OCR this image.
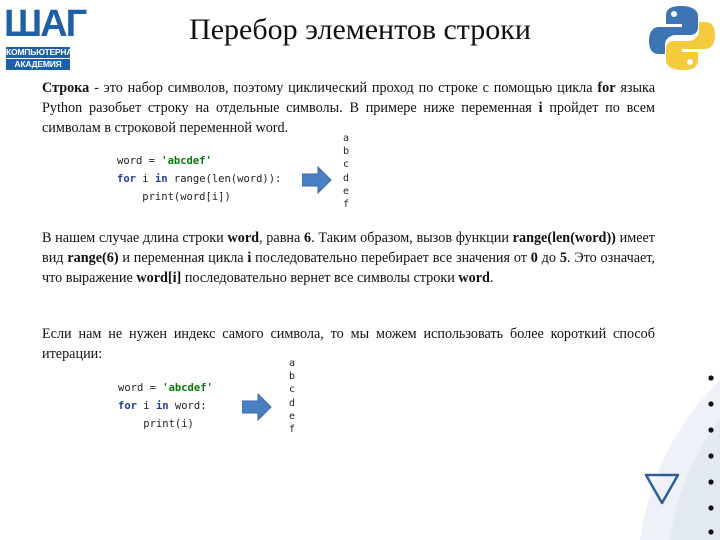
ШАГ
КОМПЬЮТЕРНАЯ
АКАДЕМИЯ
Перебор элементов строки

Строка - это набор символов, поэтому циклический проход по строке с помощью цикла for языка Python разобьет строку на отдельные символы. В примере ниже переменная i пройдет по всем символам в строковой переменной word.

word = 'abcdef'
for i in range(len(word)):
print(word[i])
a
b
c
d
e
f

В нашем случае длина строки word, равна 6. Таким образом, вызов функции range(len(word)) имеет вид range(6) и переменная цикла i последовательно перебирает все значения от 0 до 5. Это означает, что выражение word[i] последовательно вернет все символы строки word.

Если нам не нужен индекс самого символа, то мы можем использовать более короткий способ итерации:

word = 'abcdef'
for i in word:
print(i)
a
b
c
d
e
f
